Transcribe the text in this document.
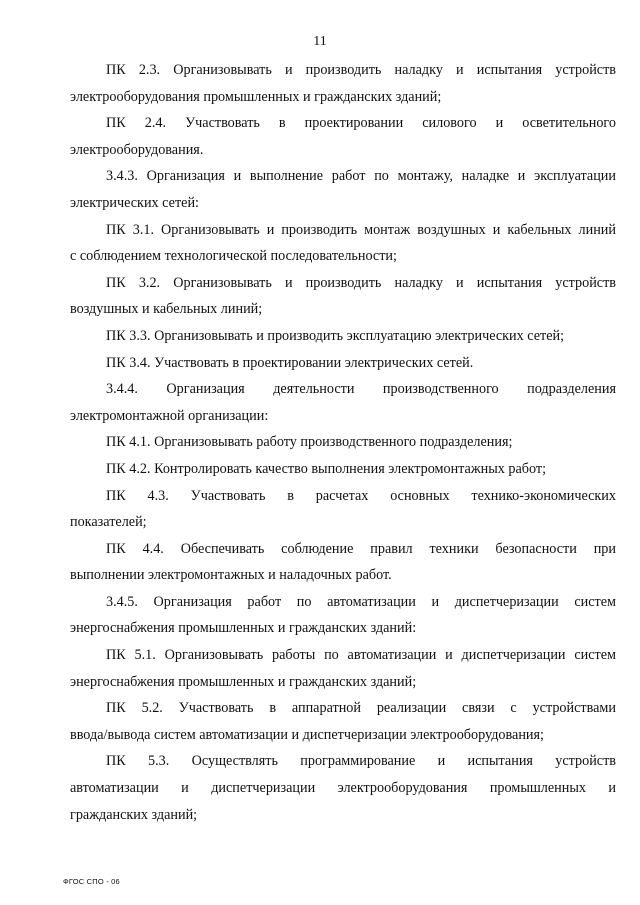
11
ПК 2.3. Организовывать и производить наладку и испытания устройств
электрооборудования промышленных и гражданских зданий;
ПК 2.4. Участвовать в проектировании силового и осветительного
электрооборудования.
3.4.3. Организация и выполнение работ по монтажу, наладке и эксплуатации
электрических сетей:
ПК 3.1. Организовывать и производить монтаж воздушных и кабельных линий
с соблюдением технологической последовательности;
ПК 3.2. Организовывать и производить наладку и испытания устройств
воздушных и кабельных линий;
ПК 3.3. Организовывать и производить эксплуатацию электрических сетей;
ПК 3.4. Участвовать в проектировании электрических сетей.
3.4.4. Организация деятельности производственного подразделения
электромонтажной организации:
ПК 4.1. Организовывать работу производственного подразделения;
ПК 4.2. Контролировать качество выполнения электромонтажных работ;
ПК 4.3. Участвовать в расчетах основных технико-экономических
показателей;
ПК 4.4. Обеспечивать соблюдение правил техники безопасности при
выполнении электромонтажных и наладочных работ.
3.4.5. Организация работ по автоматизации и диспетчеризации систем
энергоснабжения промышленных и гражданских зданий:
ПК 5.1. Организовывать работы по автоматизации и диспетчеризации систем
энергоснабжения промышленных и гражданских зданий;
ПК 5.2. Участвовать в аппаратной реализации связи с устройствами
ввода/вывода систем автоматизации и диспетчеризации электрооборудования;
ПК 5.3. Осуществлять программирование и испытания устройств
автоматизации и диспетчеризации электрооборудования промышленных и
гражданских зданий;
ФГОС СПО - 06
